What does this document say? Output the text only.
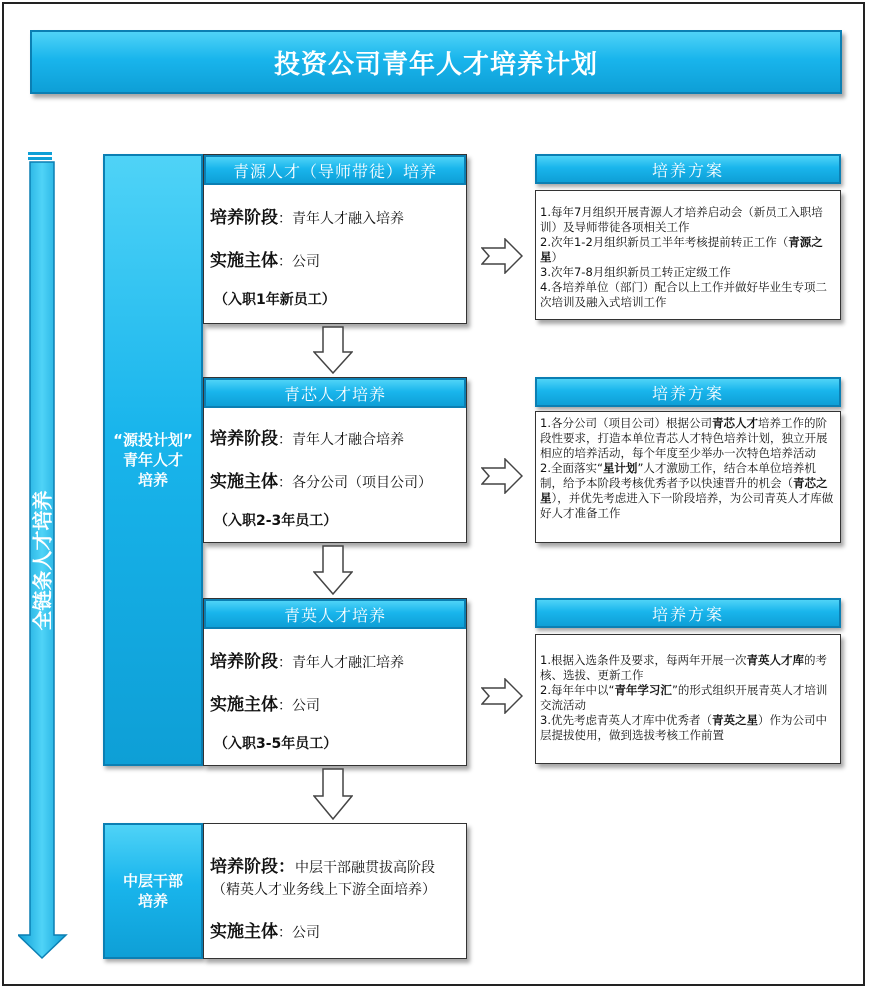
投资公司青年人才培养计划
全链条人才培养
“源投计划”
青年人才
培养
中层干部
培养
青源人才（导师带徒）培养
培养阶段：青年人才融入培养
实施主体：公司
（入职1年新员工）
青芯人才培养
培养阶段：青年人才融合培养
实施主体：各分公司（项目公司）
（入职2-3年员工）
青英人才培养
培养阶段：青年人才融汇培养
实施主体：公司
（入职3-5年员工）
培养阶段：中层干部融贯拔高阶段
（精英人才业务线上下游全面培养）
实施主体：公司
培养方案
培养方案
培养方案
1.每年7月组织开展青源人才培养启动会（新员工入职培训）及导师带徒各项相关工作
2.次年1-2月组织新员工半年考核提前转正工作（青源之星）
3.次年7-8月组织新员工转正定级工作
4.各培养单位（部门）配合以上工作并做好毕业生专项二次培训及融入式培训工作
1.各分公司（项目公司）根据公司青芯人才培养工作的阶段性要求，打造本单位青芯人才特色培养计划，独立开展相应的培养活动，每个年度至少举办一次特色培养活动
2.全面落实“星计划”人才激励工作，结合本单位培养机制，给予本阶段考核优秀者予以快速晋升的机会（青芯之星），并优先考虑进入下一阶段培养，为公司青英人才库做好人才准备工作
1.根据入选条件及要求，每两年开展一次青英人才库的考核、选拔、更新工作
2.每年年中以“青年学习汇”的形式组织开展青英人才培训交流活动
3.优先考虑青英人才库中优秀者（青英之星）作为公司中层提拔使用，做到选拔考核工作前置
